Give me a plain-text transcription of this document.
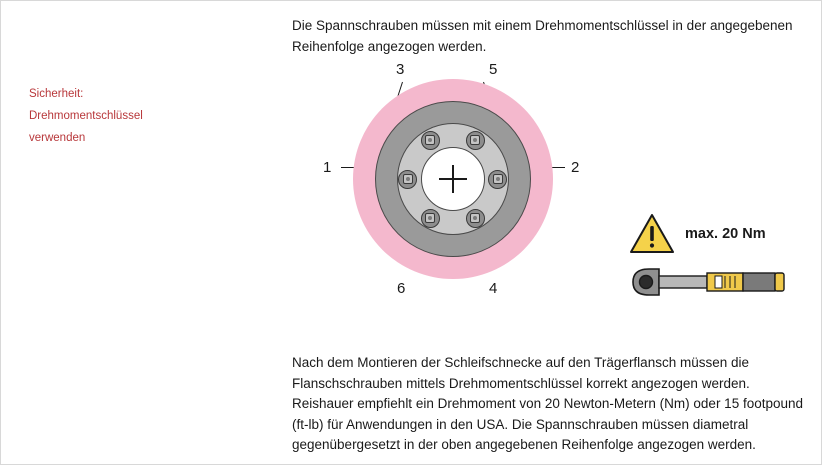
Sicherheit:
Drehmomentschlüssel
verwenden
Die Spannschrauben müssen mit einem Drehmomentschlüssel in der angegebenen Reihenfolge angezogen werden.
1	2
3	5
6	4
max. 20 Nm
Nach dem Montieren der Schleifschnecke auf den Trägerflansch müssen die Flanschschrauben mittels Drehmomentschlüssel korrekt angezogen werden. Reishauer empfiehlt ein Drehmoment von 20 Newton-Metern (Nm) oder 15 footpound (ft-lb) für Anwendungen in den USA. Die Spannschrauben müssen diametral gegenübergesetzt in der oben angegebenen Reihenfolge angezogen werden.
